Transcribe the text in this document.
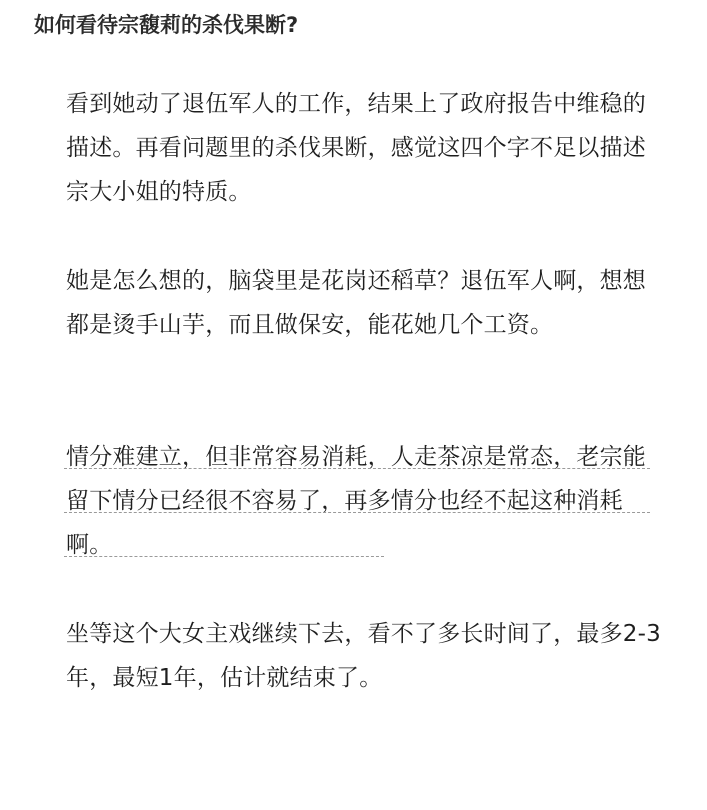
如何看待宗馥莉的杀伐果断?

看到她动了退伍军人的工作，结果上了政府报告中维稳的描述。再看问题里的杀伐果断，感觉这四个字不足以描述宗大小姐的特质。

她是怎么想的，脑袋里是花岗还稻草？退伍军人啊，想想都是烫手山芋，而且做保安，能花她几个工资。

情分难建立，但非常容易消耗，人走茶凉是常态，老宗能留下情分已经很不容易了，再多情分也经不起这种消耗啊。

坐等这个大女主戏继续下去，看不了多长时间了，最多2-3年，最短1年，估计就结束了。
